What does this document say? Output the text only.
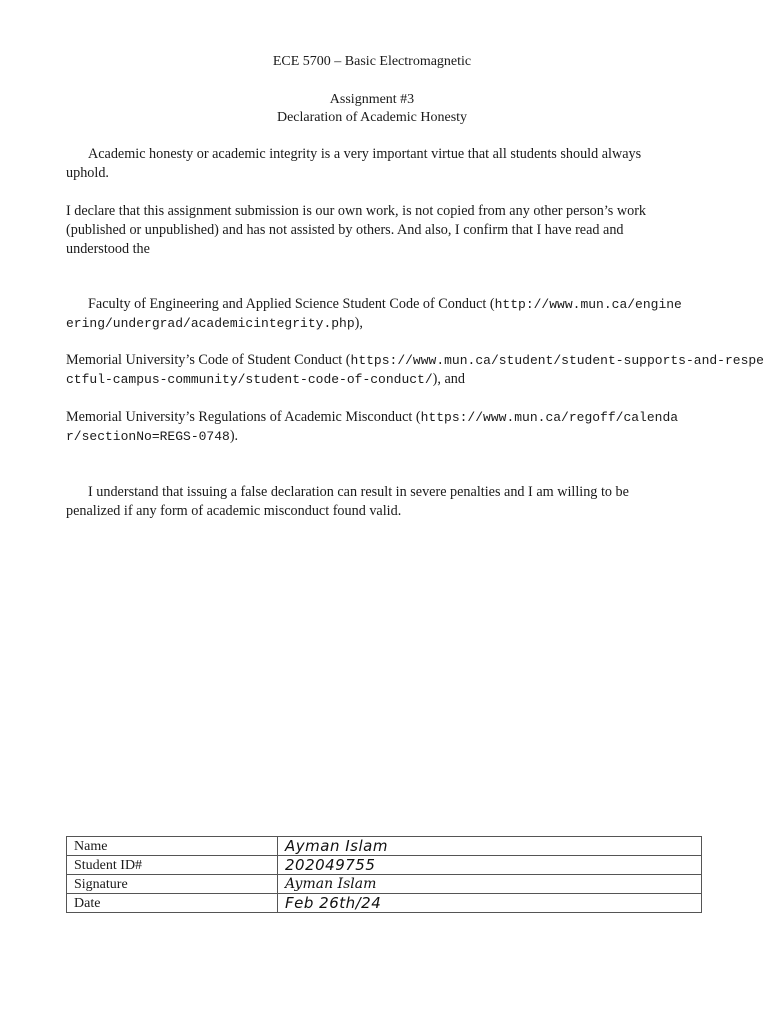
ECE 5700 – Basic Electromagnetic
Assignment #3
Declaration of Academic Honesty

Academic honesty or academic integrity is a very important virtue that all students should always uphold.

I declare that this assignment submission is our own work, is not copied from any other person’s work (published or unpublished) and has not assisted by others. And also, I confirm that I have read and understood the

Faculty of Engineering and Applied Science Student Code of Conduct (http://www.mun.ca/engineering/undergrad/academicintegrity.php),

Memorial University’s Code of Student Conduct (https://www.mun.ca/student/student-supports-and-respectful-campus-community/student-code-of-conduct/), and

Memorial University’s Regulations of Academic Misconduct (https://www.mun.ca/regoff/calendar/sectionNo=REGS-0748).

I understand that issuing a false declaration can result in severe penalties and I am willing to be penalized if any form of academic misconduct found valid.

Name	Ayman Islam
Student ID#	202049755
Signature	Ayman Islam
Date	Feb 26th/24
